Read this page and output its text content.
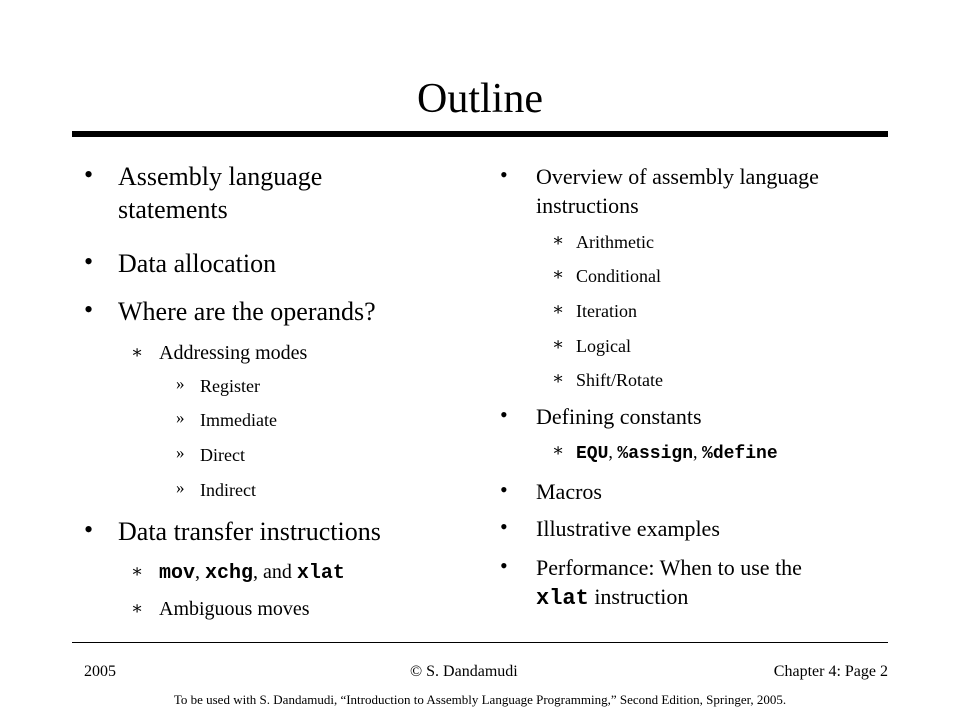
Outline
• Assembly language statements
• Data allocation
• Where are the operands?
∗ Addressing modes
» Register
» Immediate
» Direct
» Indirect
• Data transfer instructions
∗ mov, xchg, and xlat
∗ Ambiguous moves
• Overview of assembly language instructions
∗ Arithmetic
∗ Conditional
∗ Iteration
∗ Logical
∗ Shift/Rotate
• Defining constants
∗ EQU, %assign, %define
• Macros
• Illustrative examples
• Performance: When to use the
xlat instruction
2005	© S. Dandamudi	Chapter 4: Page 2
To be used with S. Dandamudi, “Introduction to Assembly Language Programming,” Second Edition, Springer, 2005.
